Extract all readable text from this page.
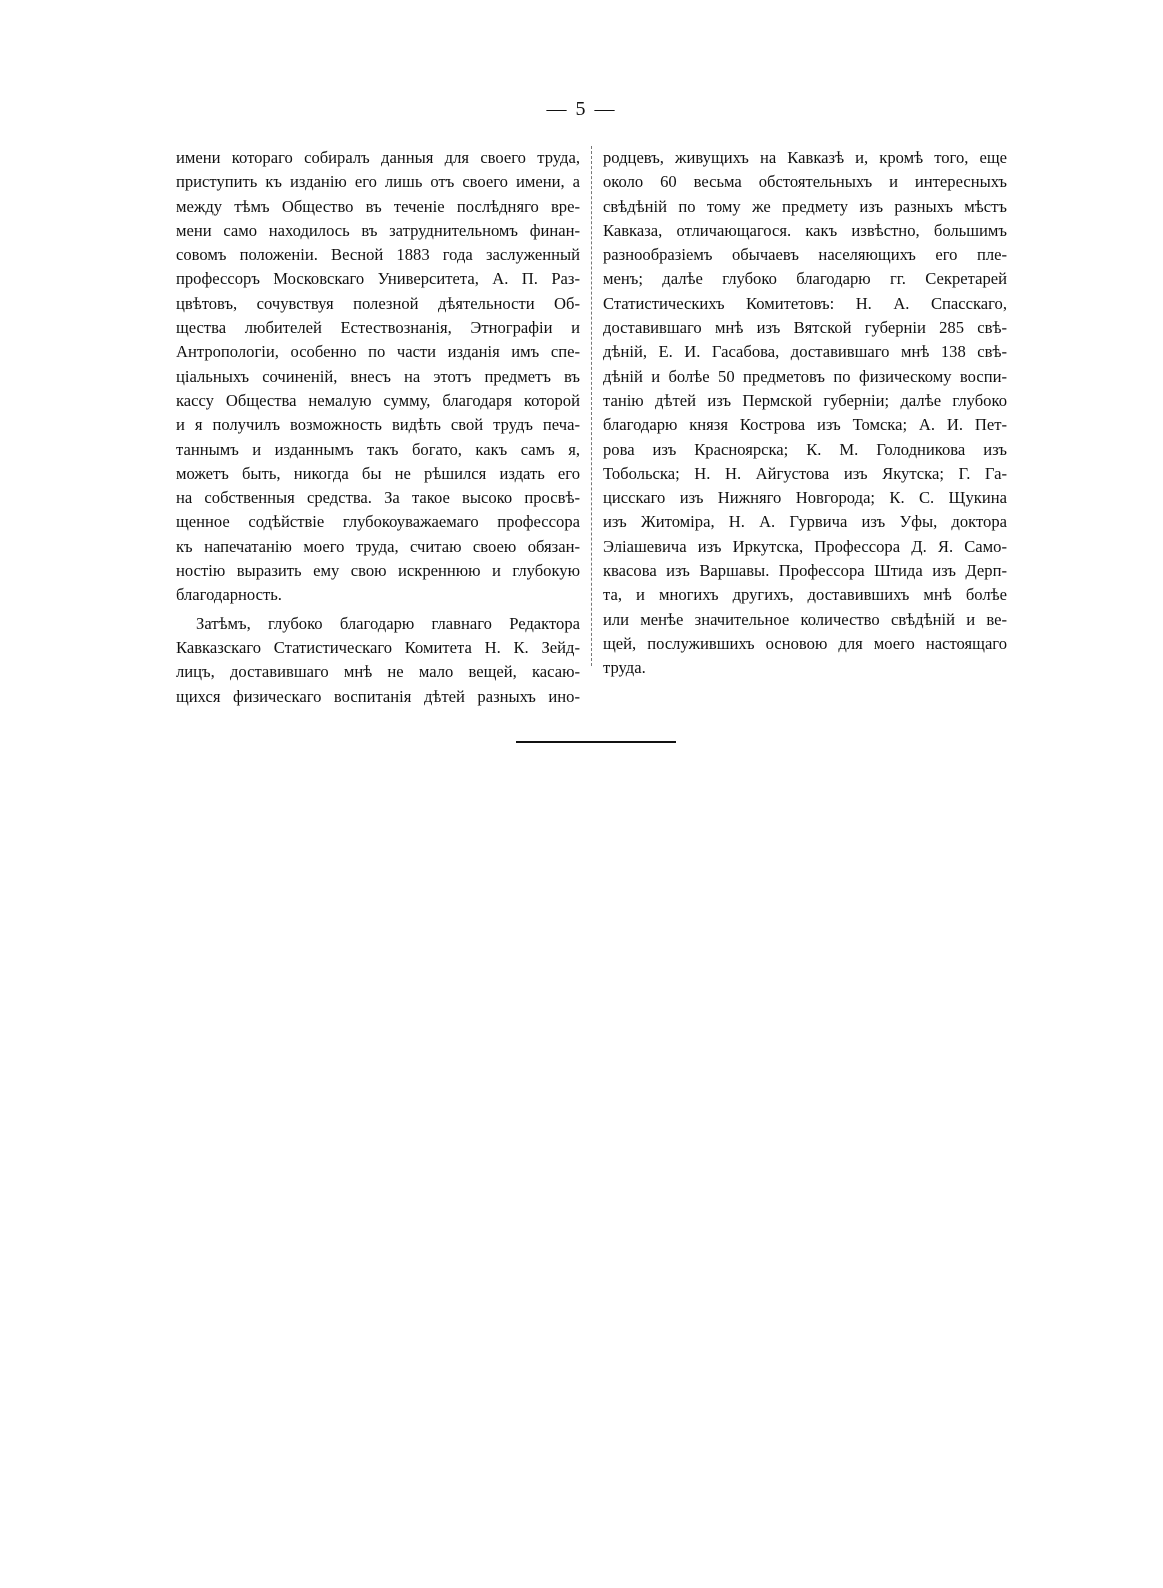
— 5 —
имени котораго собиралъ данныя для своего труда,
приступить къ изданію его лишь отъ своего имени, а
между тѣмъ Общество въ теченіе послѣдняго вре-
мени само находилось въ затруднительномъ финан-
совомъ положеніи. Весной 1883 года заслуженный
профессоръ Московскаго Университета, А. П. Раз-
цвѣтовъ, сочувствуя полезной дѣятельности Об-
щества любителей Естествознанія, Этнографіи и
Антропологіи, особенно по части изданія имъ спе-
ціальныхъ сочиненій, внесъ на этотъ предметъ въ
кассу Общества немалую сумму, благодаря которой
и я получилъ возможность видѣть свой трудъ печа-
таннымъ и изданнымъ такъ богато, какъ самъ я,
можетъ быть, никогда бы не рѣшился издать его
на собственныя средства. За такое высоко просвѣ-
щенное содѣйствіе глубокоуважаемаго профессора
къ напечатанію моего труда, считаю своею обязан-
ностію выразить ему свою искреннюю и глубокую
благодарность.
Затѣмъ, глубоко благодарю главнаго Редактора
Кавказскаго Статистическаго Комитета Н. К. Зейд-
лицъ, доставившаго мнѣ не мало вещей, касаю-
щихся физическаго воспитанія дѣтей разныхъ ино-
родцевъ, живущихъ на Кавказѣ и, кромѣ того, еще
около 60 весьма обстоятельныхъ и интересныхъ
свѣдѣній по тому же предмету изъ разныхъ мѣстъ
Кавказа, отличающагося. какъ извѣстно, большимъ
разнообразіемъ обычаевъ населяющихъ его пле-
менъ; далѣе глубоко благодарю гг. Секретарей
Статистическихъ Комитетовъ: Н. А. Спасскаго,
доставившаго мнѣ изъ Вятской губерніи 285 свѣ-
дѣній, Е. И. Гасабова, доставившаго мнѣ 138 свѣ-
дѣній и болѣе 50 предметовъ по физическому воспи-
танію дѣтей изъ Пермской губерніи; далѣе глубоко
благодарю князя Кострова изъ Томска; А. И. Пет-
рова изъ Красноярска; К. М. Голодникова изъ
Тобольска; Н. Н. Айгустова изъ Якутска; Г. Га-
цисскаго изъ Нижняго Новгорода; К. С. Щукина
изъ Житоміра, Н. А. Гурвича изъ Уфы, доктора
Эліашевича изъ Иркутска, Профессора Д. Я. Само-
квасова изъ Варшавы. Профессора Штида изъ Дерп-
та, и многихъ другихъ, доставившихъ мнѣ болѣе
или менѣе значительное количество свѣдѣній и ве-
щей, послужившихъ основою для моего настоящаго
труда.
